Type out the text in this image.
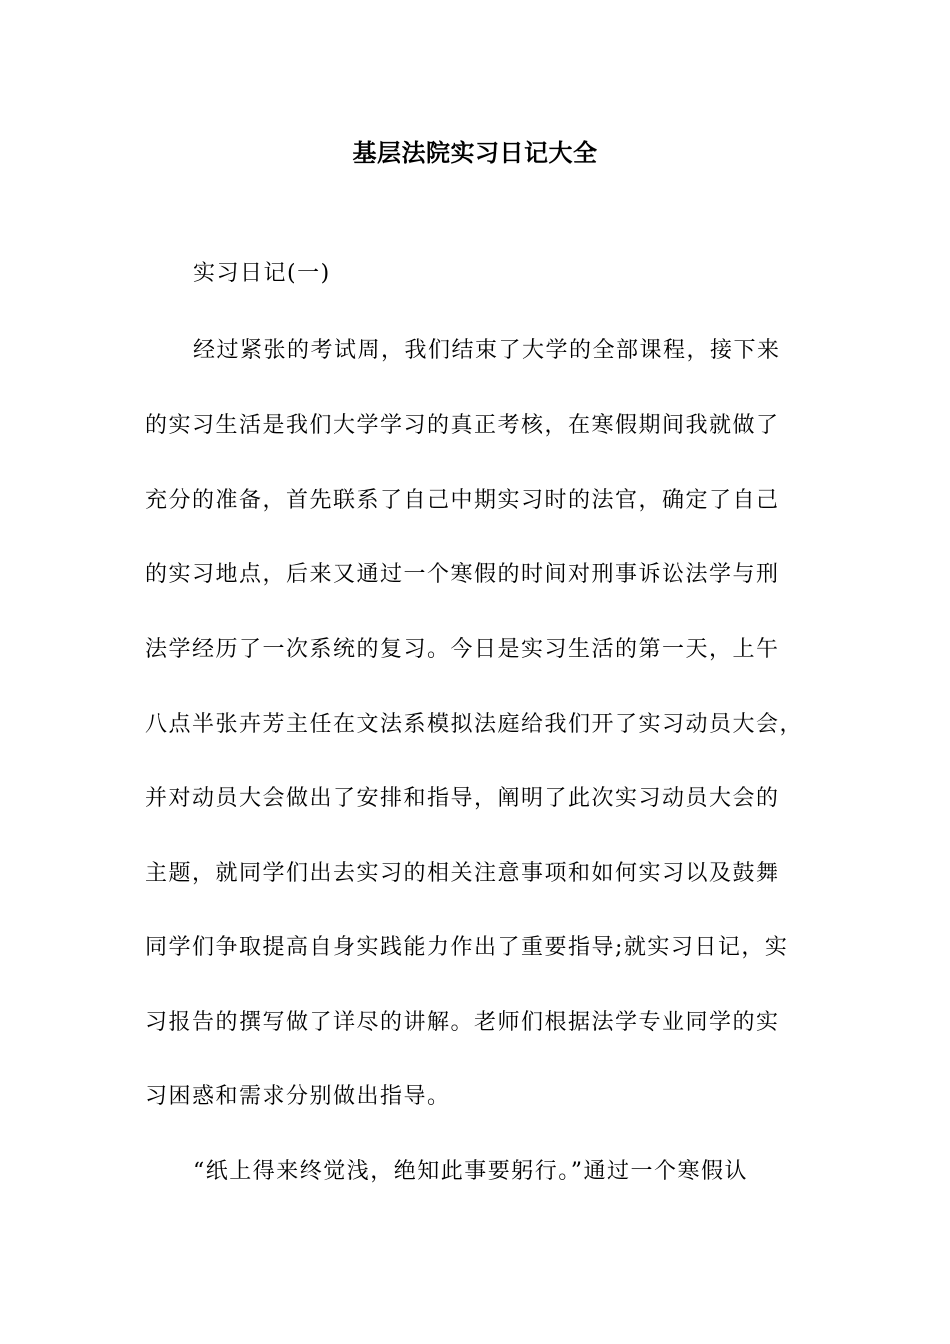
基层法院实习日记大全
实习日记(一)
经过紧张的考试周，我们结束了大学的全部课程，接下来
的实习生活是我们大学学习的真正考核，在寒假期间我就做了
充分的准备，首先联系了自己中期实习时的法官，确定了自己
的实习地点，后来又通过一个寒假的时间对刑事诉讼法学与刑
法学经历了一次系统的复习。今日是实习生活的第一天，上午
八点半张卉芳主任在文法系模拟法庭给我们开了实习动员大会，
并对动员大会做出了安排和指导，阐明了此次实习动员大会的
主题，就同学们出去实习的相关注意事项和如何实习以及鼓舞
同学们争取提高自身实践能力作出了重要指导;就实习日记，实
习报告的撰写做了详尽的讲解。老师们根据法学专业同学的实
习困惑和需求分别做出指导。
“纸上得来终觉浅，绝知此事要躬行。”通过一个寒假认
